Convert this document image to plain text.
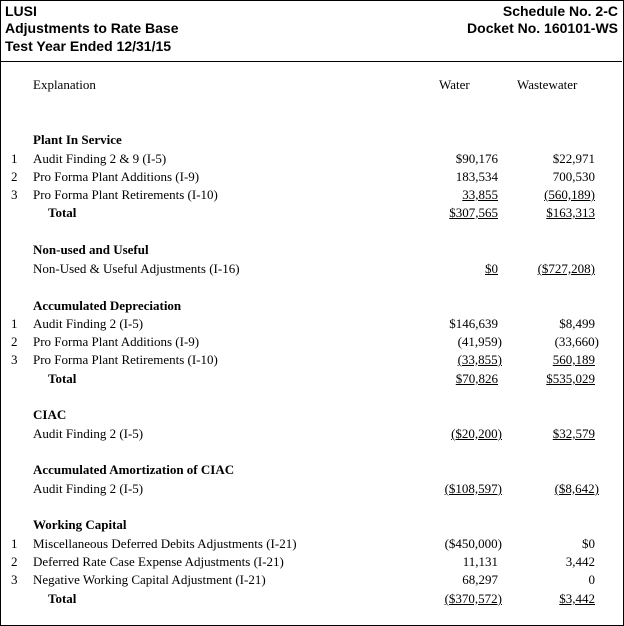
LUSI
Adjustments to Rate Base
Test Year Ended 12/31/15
Schedule No. 2-C
Docket No. 160101-WS
Explanation	Water	Wastewater
Plant In Service
1 Audit Finding 2 & 9 (I-5)	$90,176	$22,971
2 Pro Forma Plant Additions (I-9)	183,534	700,530
3 Pro Forma Plant Retirements (I-10)	33,855	(560,189)
Total	$307,565	$163,313
Non-used and Useful
Non-Used & Useful Adjustments (I-16)	$0	($727,208)
Accumulated Depreciation
1 Audit Finding 2 (I-5)	$146,639	$8,499
2 Pro Forma Plant Additions (I-9)	(41,959)	(33,660)
3 Pro Forma Plant Retirements (I-10)	(33,855)	560,189
Total	$70,826	$535,029
CIAC
Audit Finding 2 (I-5)	($20,200)	$32,579
Accumulated Amortization of CIAC
Audit Finding 2 (I-5)	($108,597)	($8,642)
Working Capital
1 Miscellaneous Deferred Debits Adjustments (I-21)	($450,000)	$0
2 Deferred Rate Case Expense Adjustments (I-21)	11,131	3,442
3 Negative Working Capital Adjustment (I-21)	68,297	0
Total	($370,572)	$3,442
